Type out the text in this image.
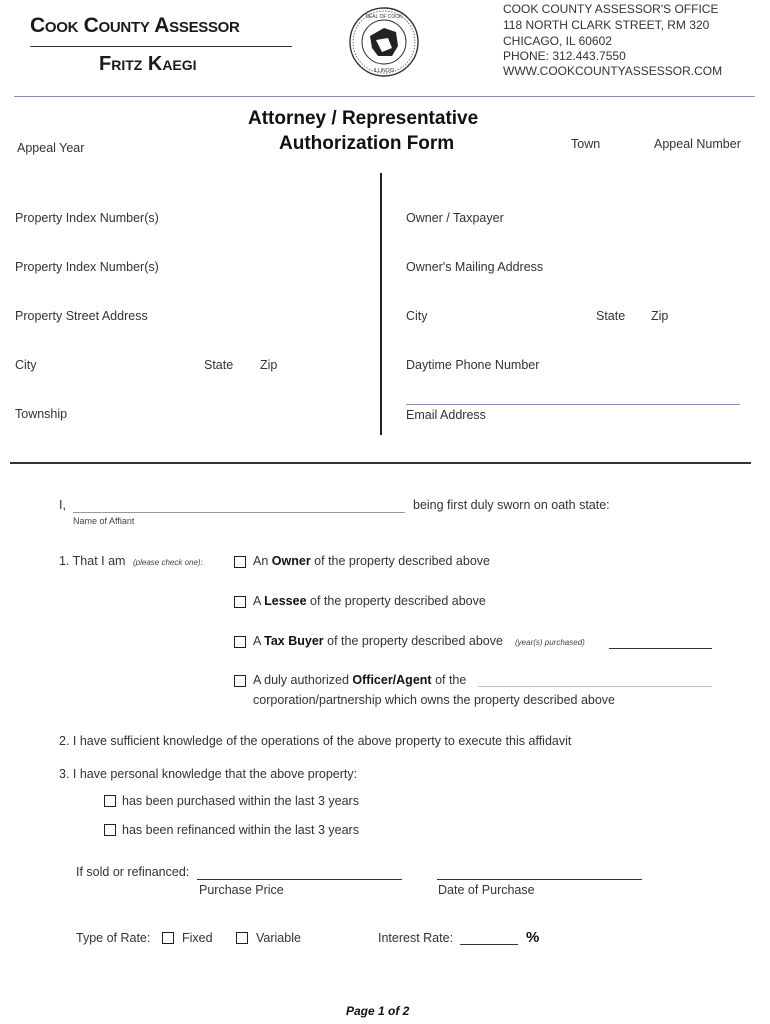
Cook County Assessor
Fritz Kaegi
SEAL OF COOK
ILLINOIS
COOK COUNTY ASSESSOR'S OFFICE
118 NORTH CLARK STREET, RM 320
CHICAGO, IL 60602
PHONE: 312.443.7550
WWW.COOKCOUNTYASSESSOR.COM
Attorney / Representative
Authorization Form
Appeal Year	Town	Appeal Number
Property Index Number(s)
Property Index Number(s)
Property Street Address
City	State Zip
Township
Owner / Taxpayer
Owner's Mailing Address
City	State Zip
Daytime Phone Number
Email Address
I,	being first duly sworn on oath state:
Name of Affiant
1. That I am (please check one):	An Owner of the property described above
A Lessee of the property described above
A Tax Buyer of the property described above (year(s) purchased)
A duly authorized Officer/Agent of the
corporation/partnership which owns the property described above
2. I have sufficient knowledge of the operations of the above property to execute this affidavit
3. I have personal knowledge that the above property:
has been purchased within the last 3 years
has been refinanced within the last 3 years
If sold or refinanced:
Purchase Price	Date of Purchase
Type of Rate:	Fixed	Variable	Interest Rate:	%
Page 1 of 2
